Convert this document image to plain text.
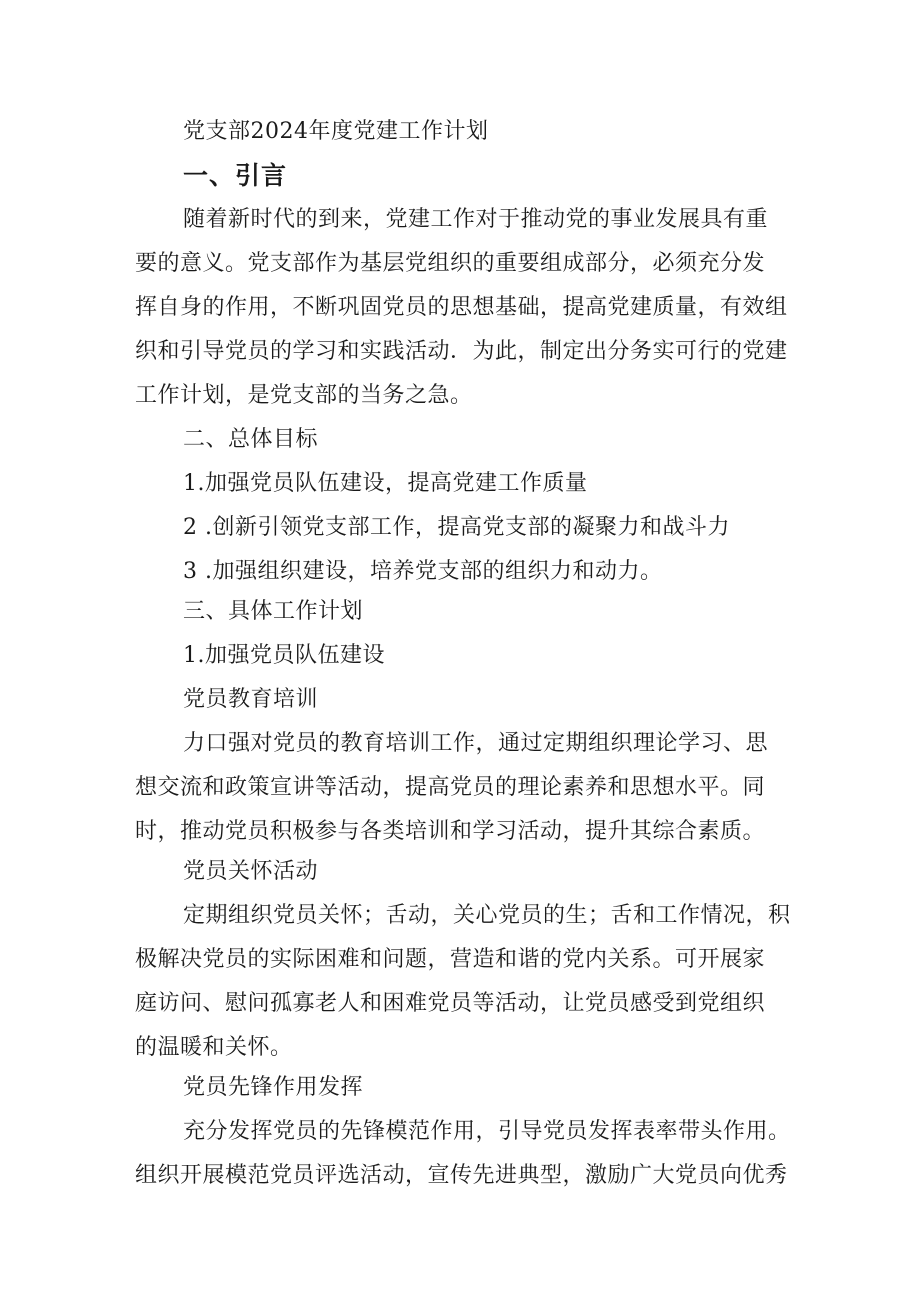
党支部2024年度党建工作计划
一、引言
随着新时代的到来，党建工作对于推动党的事业发展具有重
要的意义。党支部作为基层党组织的重要组成部分，必须充分发
挥自身的作用，不断巩固党员的思想基础，提高党建质量，有效组
织和引导党员的学习和实践活动．为此，制定出分务实可行的党建
工作计划，是党支部的当务之急。
二、总体目标
1.加强党员队伍建设，提高党建工作质量
2 .创新引领党支部工作，提高党支部的凝聚力和战斗力
3 .加强组织建设，培养党支部的组织力和动力。
三、具体工作计划
1.加强党员队伍建设
党员教育培训
力口强对党员的教育培训工作，通过定期组织理论学习、思
想交流和政策宣讲等活动，提高党员的理论素养和思想水平。同
时，推动党员积极参与各类培训和学习活动，提升其综合素质。
党员关怀活动
定期组织党员关怀；舌动，关心党员的生；舌和工作情况，积
极解决党员的实际困难和问题，营造和谐的党内关系。可开展家
庭访问、慰问孤寡老人和困难党员等活动，让党员感受到党组织
的温暖和关怀。
党员先锋作用发挥
充分发挥党员的先锋模范作用，引导党员发挥表率带头作用。
组织开展模范党员评选活动，宣传先进典型，激励广大党员向优秀
